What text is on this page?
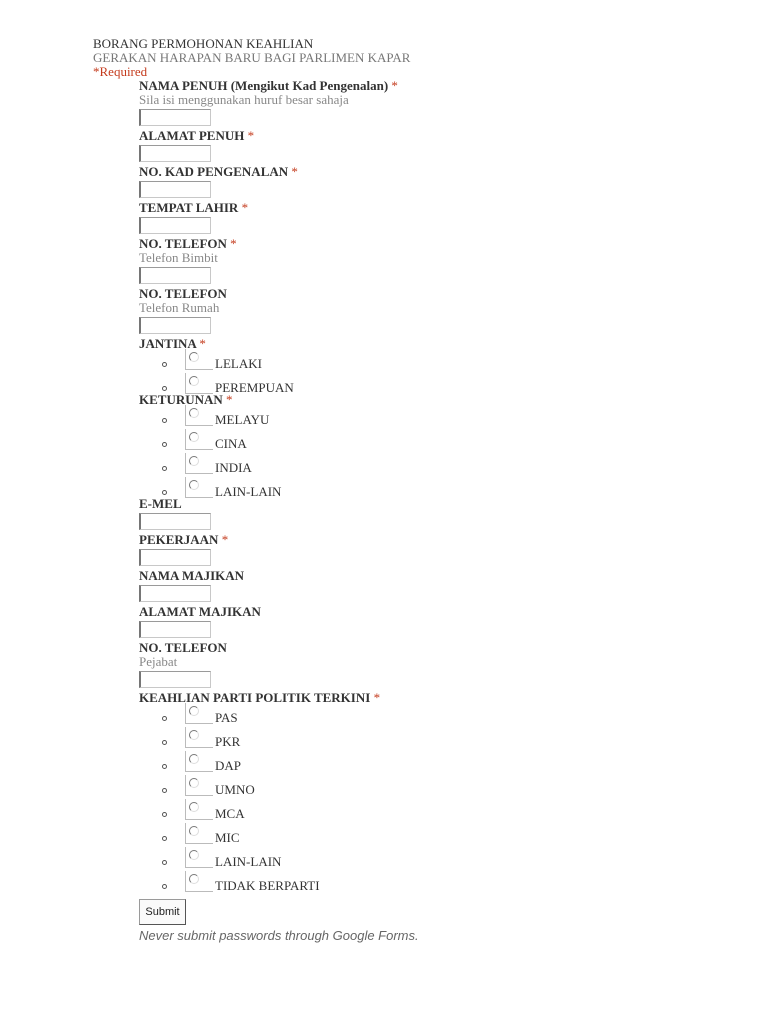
BORANG PERMOHONAN KEAHLIAN
GERAKAN HARAPAN BARU BAGI PARLIMEN KAPAR
*Required
NAMA PENUH (Mengikut Kad Pengenalan) *
Sila isi menggunakan huruf besar sahaja
ALAMAT PENUH *
NO. KAD PENGENALAN *
TEMPAT LAHIR *
NO. TELEFON *
Telefon Bimbit
NO. TELEFON
Telefon Rumah
JANTINA *
LELAKI
PEREMPUAN
KETURUNAN *
MELAYU
CINA
INDIA
LAIN-LAIN
E-MEL
PEKERJAAN *
NAMA MAJIKAN
ALAMAT MAJIKAN
NO. TELEFON
Pejabat
KEAHLIAN PARTI POLITIK TERKINI *
PAS
PKR
DAP
UMNO
MCA
MIC
LAIN-LAIN
TIDAK BERPARTI
Submit
Never submit passwords through Google Forms.
